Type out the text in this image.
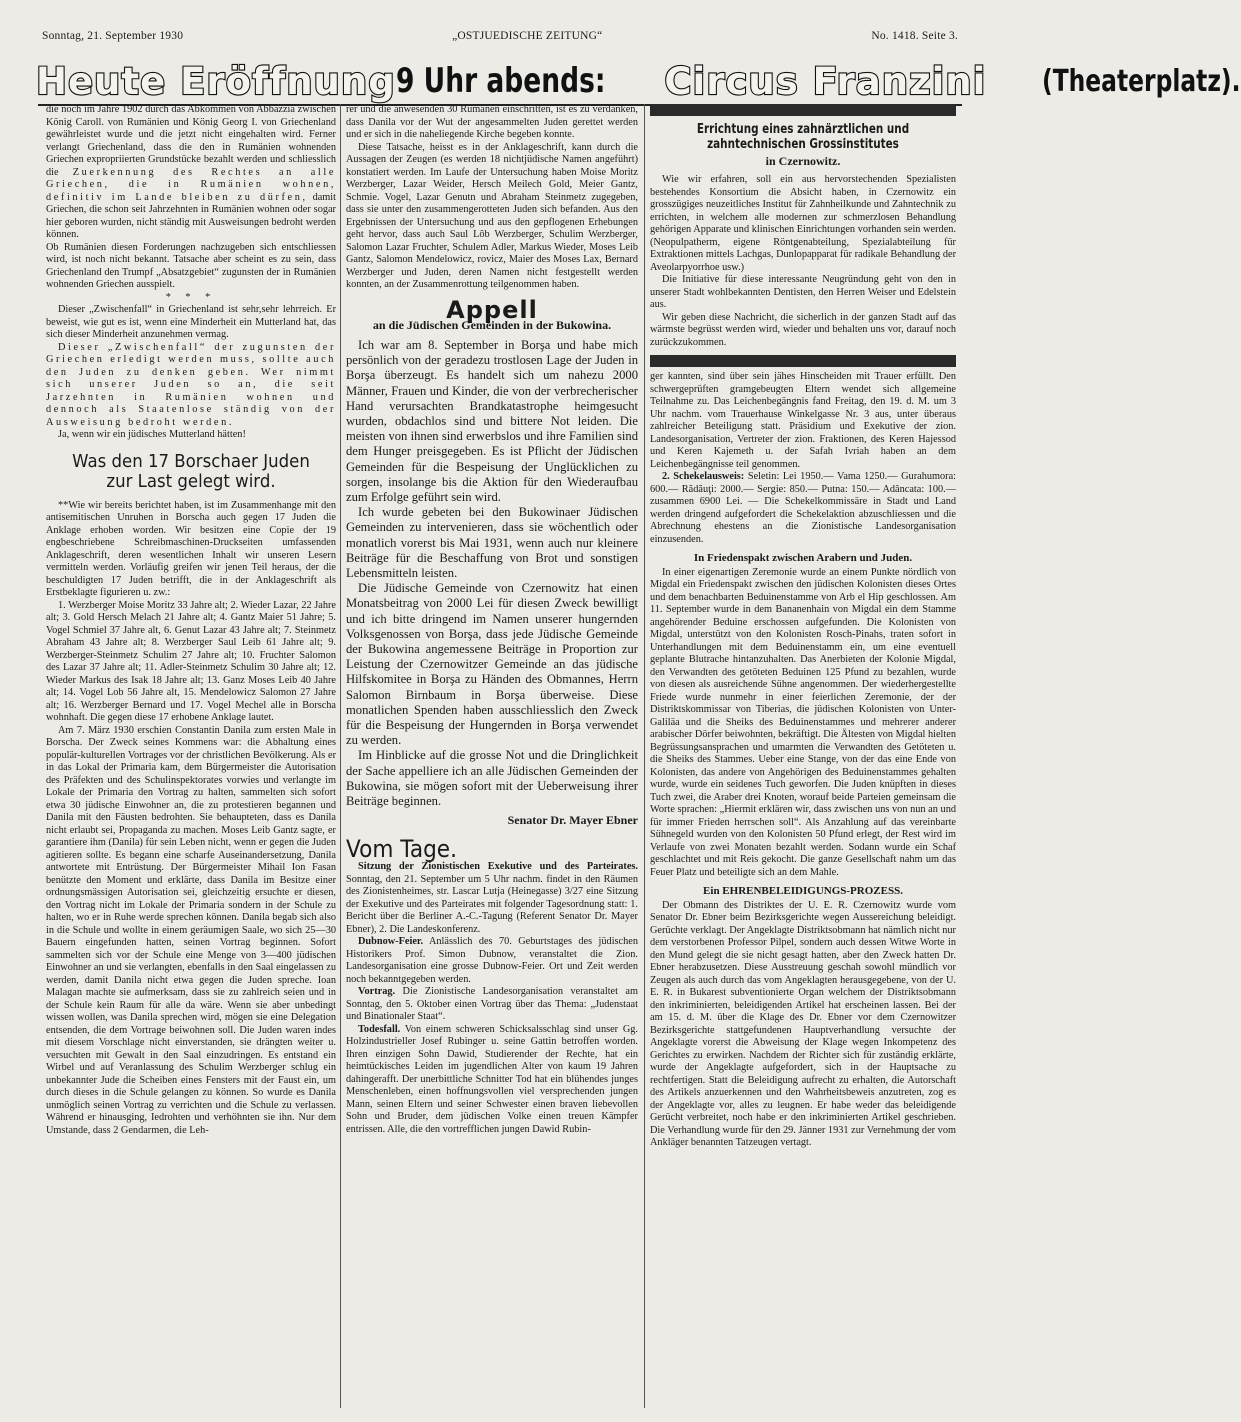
Sonntag, 21. September 1930	„OSTJUEDISCHE ZEITUNG“	No. 1418. Seite 3.
Heute Eröffnung 9 Uhr abends: Circus Franzini (Theaterplatz).

die noch im Jahre 1902 durch das Abkommen von Abbazzia zwischen König Caroll. von Rumänien und König Georg I. von Griechenland gewährleistet wurde und die jetzt nicht eingehalten wird. Ferner verlangt Griechenland, dass die den in Rumänien wohnenden Griechen expropriierten Grundstücke bezahlt werden und schliesslich die Zuerkennung des Rechtes an alle Griechen, die in Rumänien wohnen, definitiv im Lande bleiben zu dürfen, damit Griechen, die schon seit Jahrzehnten in Rumänien wohnen oder sogar hier geboren wurden, nicht ständig mit Ausweisungen bedroht werden können.

Ob Rumänien diesen Forderungen nachzugeben sich entschliessen wird, ist noch nicht bekannt. Tatsache aber scheint es zu sein, dass Griechenland den Trumpf „Absatzgebiet“ zugunsten der in Rumänien wohnenden Griechen ausspielt.

* * *

Dieser „Zwischenfall“ in Griechenland ist sehr,sehr lehrreich. Er beweist, wie gut es ist, wenn eine Minderheit ein Mutterland hat, das sich dieser Minderheit anzunehmen vermag.

Dieser „Zwischenfall“ der zugunsten der Griechen erledigt werden muss, sollte auch den Juden zu denken geben. Wer nimmt sich unserer Juden so an, die seit Jarzehnten in Rumänien wohnen und dennoch als Staatenlose ständig von der Ausweisung bedroht werden.

Ja, wenn wir ein jüdisches Mutterland hätten!

Was den 17 Borschaer Juden zur Last gelegt wird.

**Wie wir bereits berichtet haben, ist im Zusammenhange mit den antisemitischen Unruhen in Borscha auch gegen 17 Juden die Anklage erhoben worden. Wir besitzen eine Copie der 19 engbeschriebene Schreibmaschinen-Druckseiten umfassenden Anklageschrift, deren wesentlichen Inhalt wir unseren Lesern vermitteln werden. Vorläufig greifen wir jenen Teil heraus, der die beschuldigten 17 Juden betrifft, die in der Anklageschrift als Erstbeklagte figurieren u. zw.:

1. Werzberger Moise Moritz 33 Jahre alt; 2. Wieder Lazar, 22 Jahre alt; 3. Gold Hersch Melach 21 Jahre alt; 4. Gantz Maier 51 Jahre; 5. Vogel Schmiel 37 Jahre alt, 6. Genut Lazar 43 Jahre alt; 7. Steinmetz Abraham 43 Jahre alt; 8. Werzberger Saul Leib 61 Jahre alt; 9. Werzberger-Steinmetz Schulim 27 Jahre alt; 10. Fruchter Salomon des Lazar 37 Jahre alt; 11. Adler-Steinmetz Schulim 30 Jahre alt; 12. Wieder Markus des Isak 18 Jahre alt; 13. Ganz Moses Leib 40 Jahre alt; 14. Vogel Lob 56 Jahre alt, 15. Mendelowicz Salomon 27 Jahre alt; 16. Werzberger Bernard und 17. Vogel Mechel alle in Borscha wohnhaft. Die gegen diese 17 erhobene Anklage lautet.

Am 7. März 1930 erschien Constantin Danila zum ersten Male in Borscha. Der Zweck seines Kommens war: die Abhaltung eines populär-kulturellen Vortrages vor der christlichen Bevölkerung. Als er in das Lokal der Primaria kam, dem Bürgermeister die Autorisation des Präfekten und des Schulinspektorates vorwies und verlangte im Lokale der Primaria den Vortrag zu halten, sammelten sich sofort etwa 30 jüdische Einwohner an, die zu protestieren begannen und Danila mit den Fäusten bedrohten. Sie behaupteten, dass es Danila nicht erlaubt sei, Propaganda zu machen. Moses Leib Gantz sagte, er garantiere ihm (Danila) für sein Leben nicht, wenn er gegen die Juden agitieren sollte. Es begann eine scharfe Auseinandersetzung, Danila antwortete mit Entrüstung. Der Bürgermeister Mihail Ion Fasan benützte den Moment und erklärte, dass Danila im Besitze einer ordnungsmässigen Autorisation sei, gleichzeitig ersuchte er diesen, den Vortrag nicht im Lokale der Primaria sondern in der Schule zu halten, wo er in Ruhe werde sprechen können. Danila begab sich also in die Schule und wollte in einem geräumigen Saale, wo sich 25—30 Bauern eingefunden hatten, seinen Vortrag beginnen. Sofort sammelten sich vor der Schule eine Menge von 3—400 jüdischen Einwohner an und sie verlangten, ebenfalls in den Saal eingelassen zu werden, damit Danila nicht etwa gegen die Juden spreche. Ioan Malagan machte sie aufmerksam, dass sie zu zahlreich seien und in der Schule kein Raum für alle da wäre. Wenn sie aber unbedingt wissen wollen, was Danila sprechen wird, mögen sie eine Delegation entsenden, die dem Vortrage beiwohnen soll. Die Juden waren indes mit diesem Vorschlage nicht einverstanden, sie drängten weiter u. versuchten mit Gewalt in den Saal einzudringen. Es entstand ein Wirbel und auf Veranlassung des Schulim Werzberger schlug ein unbekannter Jude die Scheiben eines Fensters mit der Faust ein, um durch dieses in die Schule gelangen zu können. So wurde es Danila unmöglich seinen Vortrag zu verrichten und die Schule zu verlassen. Während er hinausging, Iedrohten und verhöhnten sie ihn. Nur dem Umstande, dass 2 Gendarmen, die Leh-

rer und die anwesenden 30 Rumänen einschritten, ist es zu verdanken, dass Danila vor der Wut der angesammelten Juden gerettet werden und er sich in die naheliegende Kirche begeben konnte.

Diese Tatsache, heisst es in der Anklageschrift, kann durch die Aussagen der Zeugen (es werden 18 nichtjüdische Namen angeführt) konstatiert werden. Im Laufe der Untersuchung haben Moise Moritz Werzberger, Lazar Weider, Hersch Meilech Gold, Meier Gantz, Schmie. Vogel, Lazar Genutn und Abraham Steinmetz zugegeben, dass sie unter den zusammengerotteten Juden sich befanden. Aus den Ergebnissen der Untersuchung und aus den gepflogenen Erhebungen geht hervor, dass auch Saul Lôb Werzberger, Schulim Werzberger, Salomon Lazar Fruchter, Schulem Adler, Markus Wieder, Moses Leib Gantz, Salomon Mendelowicz, rovicz, Maier des Moses Lax, Bernard Werzberger und Juden, deren Namen nicht festgestellt werden konnten, an der Zusammenrottung teilgenommen haben.

Appell

an die Jüdischen Gemeinden in der Bukowina.

Ich war am 8. September in Borşa und habe mich persönlich von der geradezu trostlosen Lage der Juden in Borşa überzeugt. Es handelt sich um nahezu 2000 Männer, Frauen und Kinder, die von der verbrecherischer Hand verursachten Brandkatastrophe heimgesucht wurden, obdachlos sind und bittere Not leiden. Die meisten von ihnen sind erwerbslos und ihre Familien sind dem Hunger preisgegeben. Es ist Pflicht der Jüdischen Gemeinden für die Bespeisung der Unglücklichen zu sorgen, insolange bis die Aktion für den Wiederaufbau zum Erfolge geführt sein wird.

Ich wurde gebeten bei den Bukowinaer Jüdischen Gemeinden zu intervenieren, dass sie wöchentlich oder monatlich vorerst bis Mai 1931, wenn auch nur kleinere Beiträge für die Beschaffung von Brot und sonstigen Lebensmitteln leisten.

Die Jüdische Gemeinde von Czernowitz hat einen Monatsbeitrag von 2000 Lei für diesen Zweck bewilligt und ich bitte dringend im Namen unserer hungernden Volksgenossen von Borşa, dass jede Jüdische Gemeinde der Bukowina angemessene Beiträge in Proportion zur Leistung der Czernowitzer Gemeinde an das jüdische Hilfskomitee in Borşa zu Händen des Obmannes, Herrn Salomon Birnbaum in Borşa überweise. Diese monatlichen Spenden haben ausschliesslich den Zweck für die Bespeisung der Hungernden in Borşa verwendet zu werden.

Im Hinblicke auf die grosse Not und die Dringlichkeit der Sache appelliere ich an alle Jüdischen Gemeinden der Bukowina, sie mögen sofort mit der Ueberweisung ihrer Beiträge beginnen.

Senator Dr. Mayer Ebner
Vom Tage.

Sitzung der Zionistischen Exekutive und des Parteirates. Sonntag, den 21. September um 5 Uhr nachm. findet in den Räumen des Zionistenheimes, str. Lascar Lutja (Heinegasse) 3/27 eine Sitzung der Exekutive und des Parteirates mit folgender Tagesordnung statt: 1. Bericht über die Berliner A.-C.-Tagung (Referent Senator Dr. Mayer Ebner), 2. Die Landeskonferenz.

Dubnow-Feier. Anlässlich des 70. Geburtstages des jüdischen Historikers Prof. Simon Dubnow, veranstaltet die Zion. Landesorganisation eine grosse Dubnow-Feier. Ort und Zeit werden noch bekanntgegeben werden.

Vortrag. Die Zionistische Landesorganisation veranstaltet am Sonntag, den 5. Oktober einen Vortrag über das Thema: „Judenstaat und Binationaler Staat“.

Todesfall. Von einem schweren Schicksalsschlag sind unser Gg. Holzindustrieller Josef Rubinger u. seine Gattin betroffen worden. Ihren einzigen Sohn Dawid, Studierender der Rechte, hat ein heimtückisches Leiden im jugendlichen Alter von kaum 19 Jahren dahingerafft. Der unerbittliche Schnitter Tod hat ein blühendes junges Menschenleben, einen hoffnungsvollen viel versprechenden jungen Mann, seinen Eltern und seiner Schwester einen braven liebevollen Sohn und Bruder, dem jüdischen Volke einen treuen Kämpfer entrissen. Alle, die den vortrefflichen jungen Dawid Rubin-

Errichtung eines zahnärztlichen und zahntechnischen Grossinstitutes

in Czernowitz.

Wie wir erfahren, soll ein aus hervorstechenden Spezialisten bestehendes Konsortium die Absicht haben, in Czernowitz ein grosszügiges neuzeitliches Institut für Zahnheilkunde und Zahntechnik zu errichten, in welchem alle modernen zur schmerzlosen Behandlung gehörigen Apparate und klinischen Einrichtungen vorhanden sein werden. (Neopulpatherm, eigene Röntgenabteilung, Spezialabteilung für Extraktionen mittels Lachgas, Dunlopapparat für radikale Behandlung der Aveolarpyorrhoe usw.)

Die Initiative für diese interessante Neugründung geht von den in unserer Stadt wohlbekannten Dentisten, den Herren Weiser und Edelstein aus.

Wir geben diese Nachricht, die sicherlich in der ganzen Stadt auf das wärmste begrüsst werden wird, wieder und behalten uns vor, darauf noch zurückzukommen.

ger kannten, sind über sein jähes Hinscheiden mit Trauer erfüllt. Den schwergeprüften gramgebeugten Eltern wendet sich allgemeine Teilnahme zu. Das Leichenbegängnis fand Freitag, den 19. d. M. um 3 Uhr nachm. vom Trauerhause Winkelgasse Nr. 3 aus, unter überaus zahlreicher Beteiligung statt. Präsidium und Exekutive der zion. Landesorganisation, Vertreter der zion. Fraktionen, des Keren Hajessod und Keren Kajemeth u. der Safah Ivriah haben an dem Leichenbegängnisse teil genommen.

2. Schekelausweis: Seletin: Lei 1950.— Vama 1250.— Gurahumora: 600.— Rădăuţi: 2000.— Sergie: 850.— Putna: 150.— Adâncata: 100.— zusammen 6900 Lei. — Die Schekelkommissäre in Stadt und Land werden dringend aufgefordert die Schekelaktion abzuschliessen und die Abrechnung ehestens an die Zionistische Landesorganisation einzusenden.

In Friedenspakt zwischen Arabern und Juden.

In einer eigenartigen Zeremonie wurde an einem Punkte nördlich von Migdal ein Friedenspakt zwischen den jüdischen Kolonisten dieses Ortes und dem benachbarten Beduinenstamme von Arb el Hip geschlossen. Am 11. September wurde in dem Bananenhain von Migdal ein dem Stamme angehörender Beduine erschossen aufgefunden. Die Kolonisten von Migdal, unterstützt von den Kolonisten Rosch-Pinahs, traten sofort in Unterhandlungen mit dem Beduinenstamm ein, um eine eventuell geplante Blutrache hintanzuhalten. Das Anerbieten der Kolonie Migdal, den Verwandten des getöteten Beduinen 125 Pfund zu bezahlen, wurde von diesen als ausreichende Sühne angenommen. Der wiederhergestellte Friede wurde nunmehr in einer feierlichen Zeremonie, der der Distriktskommissar von Tiberias, die jüdischen Kolonisten von Unter-Galiläa und die Sheiks des Beduinenstammes und mehrerer anderer arabischer Dörfer beiwohnten, bekräftigt. Die Ältesten von Migdal hielten Begrüssungsansprachen und umarmten die Verwandten des Getöteten u. die Sheiks des Stammes. Ueber eine Stange, von der das eine Ende von Kolonisten, das andere von Angehörigen des Beduinenstammes gehalten wurde, wurde ein seidenes Tuch geworfen. Die Juden knüpften in dieses Tuch zwei, die Araber drei Knoten, worauf beide Parteien gemeinsam die Worte sprachen: „Hiermit erklären wir, dass zwischen uns von nun an und für immer Frieden herrschen soll“. Als Anzahlung auf das vereinbarte Sühnegeld wurden von den Kolonisten 50 Pfund erlegt, der Rest wird im Verlaufe von zwei Monaten bezahlt werden. Sodann wurde ein Schaf geschlachtet und mit Reis gekocht. Die ganze Gesellschaft nahm um das Feuer Platz und beteiligte sich an dem Mahle.

Ein EHRENBELEIDIGUNGS-PROZESS.

Der Obmann des Distriktes der U. E. R. Czernowitz wurde vom Senator Dr. Ebner beim Bezirksgerichte wegen Aussereichung beleidigt. Gerüchte verklagt. Der Angeklagte Distriktsobmann hat nämlich nicht nur dem verstorbenen Professor Pilpel, sondern auch dessen Witwe Worte in den Mund gelegt die sie nicht gesagt hatten, aber den Zweck hatten Dr. Ebner herabzusetzen. Diese Ausstreuung geschah sowohl mündlich vor Zeugen als auch durch das vom Angeklagten herausgegebene, von der U. E. R. in Bukarest subventionierte Organ welchem der Distriktsobmann den inkriminierten, beleidigenden Artikel hat erscheinen lassen. Bei der am 15. d. M. über die Klage des Dr. Ebner vor dem Czernowitzer Bezirksgerichte stattgefundenen Hauptverhandlung versuchte der Angeklagte vorerst die Abweisung der Klage wegen Inkompetenz des Gerichtes zu erwirken. Nachdem der Richter sich für zuständig erklärte, wurde der Angeklagte aufgefordert, sich in der Hauptsache zu rechtfertigen. Statt die Beleidigung aufrecht zu erhalten, die Autorschaft des Artikels anzuerkennen und den Wahrheitsbeweis anzutreten, zog es der Angeklagte vor, alles zu leugnen. Er habe weder das beleidigende Gerücht verbreitet, noch habe er den inkriminierten Artikel geschrieben. Die Verhandlung wurde für den 29. Jänner 1931 zur Vernehmung der vom Ankläger benannten Tatzeugen vertagt.
